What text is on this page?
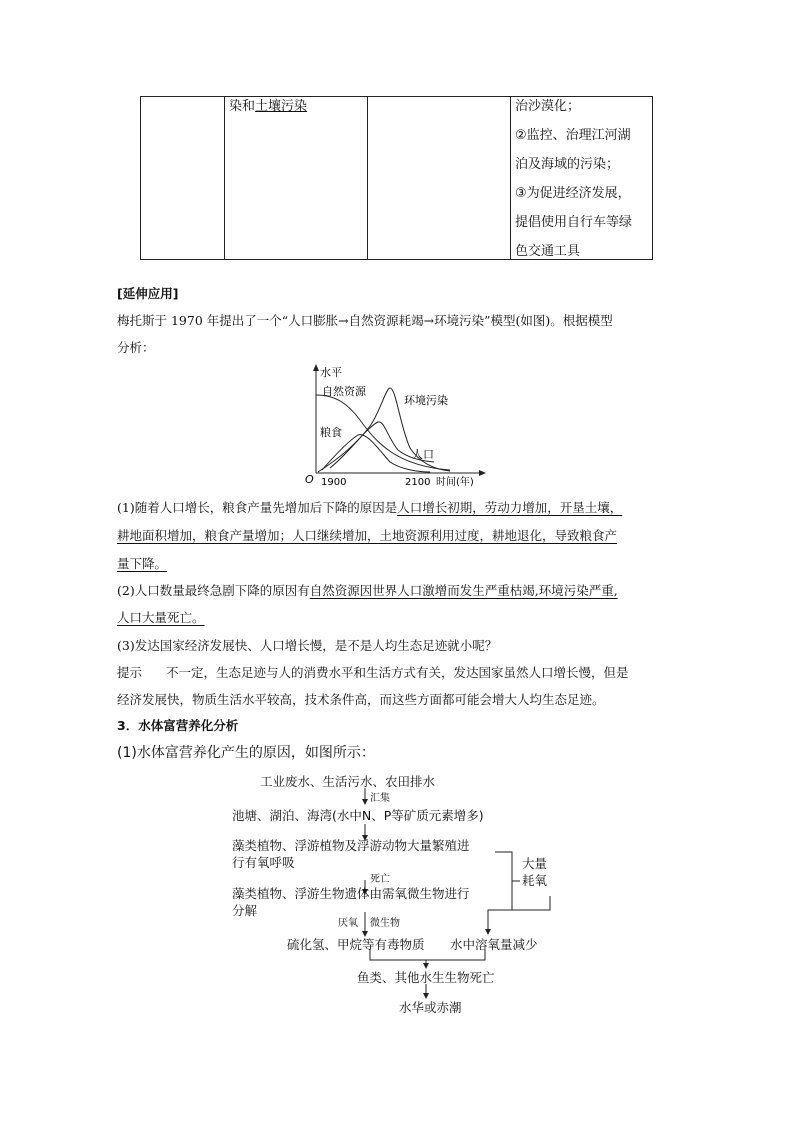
染和土壤污染	治沙漠化；
②监控、治理江河湖
泊及海域的污染；
③为促进经济发展，
提倡使用自行车等绿
色交通工具
[延伸应用]
梅托斯于 1970 年提出了一个“人口膨胀→自然资源耗竭→环境污染”模型(如图)。根据模型
分析：
水平
O 1900	2100 时间(年)
自然资源
环境污染
粮食
人口
(1)随着人口增长，粮食产量先增加后下降的原因是人口增长初期，劳动力增加，开垦土壤，
耕地面积增加，粮食产量增加；人口继续增加，土地资源利用过度，耕地退化，导致粮食产
量下降。
(2)人口数量最终急剧下降的原因有自然资源因世界人口激增而发生严重枯竭,环境污染严重,
人口大量死亡。
(3)发达国家经济发展快、人口增长慢，是不是人均生态足迹就小呢？
提示 不一定，生态足迹与人的消费水平和生活方式有关，发达国家虽然人口增长慢，但是
经济发展快，物质生活水平较高，技术条件高，而这些方面都可能会增大人均生态足迹。
3．水体富营养化分析
(1)水体富营养化产生的原因，如图所示：
工业废水、生活污水、农田排水
汇集
池塘、湖泊、海湾(水中N、P等矿质元素增多)
藻类植物、浮游植物及浮游动物大量繁殖进
行有氧呼吸
死亡
藻类植物、浮游生物遗体由需氧微生物进行
分解
大量
耗氧
厌氧 微生物
硫化氢、甲烷等有毒物质 水中溶氧量减少
鱼类、其他水生生物死亡
水华或赤潮
